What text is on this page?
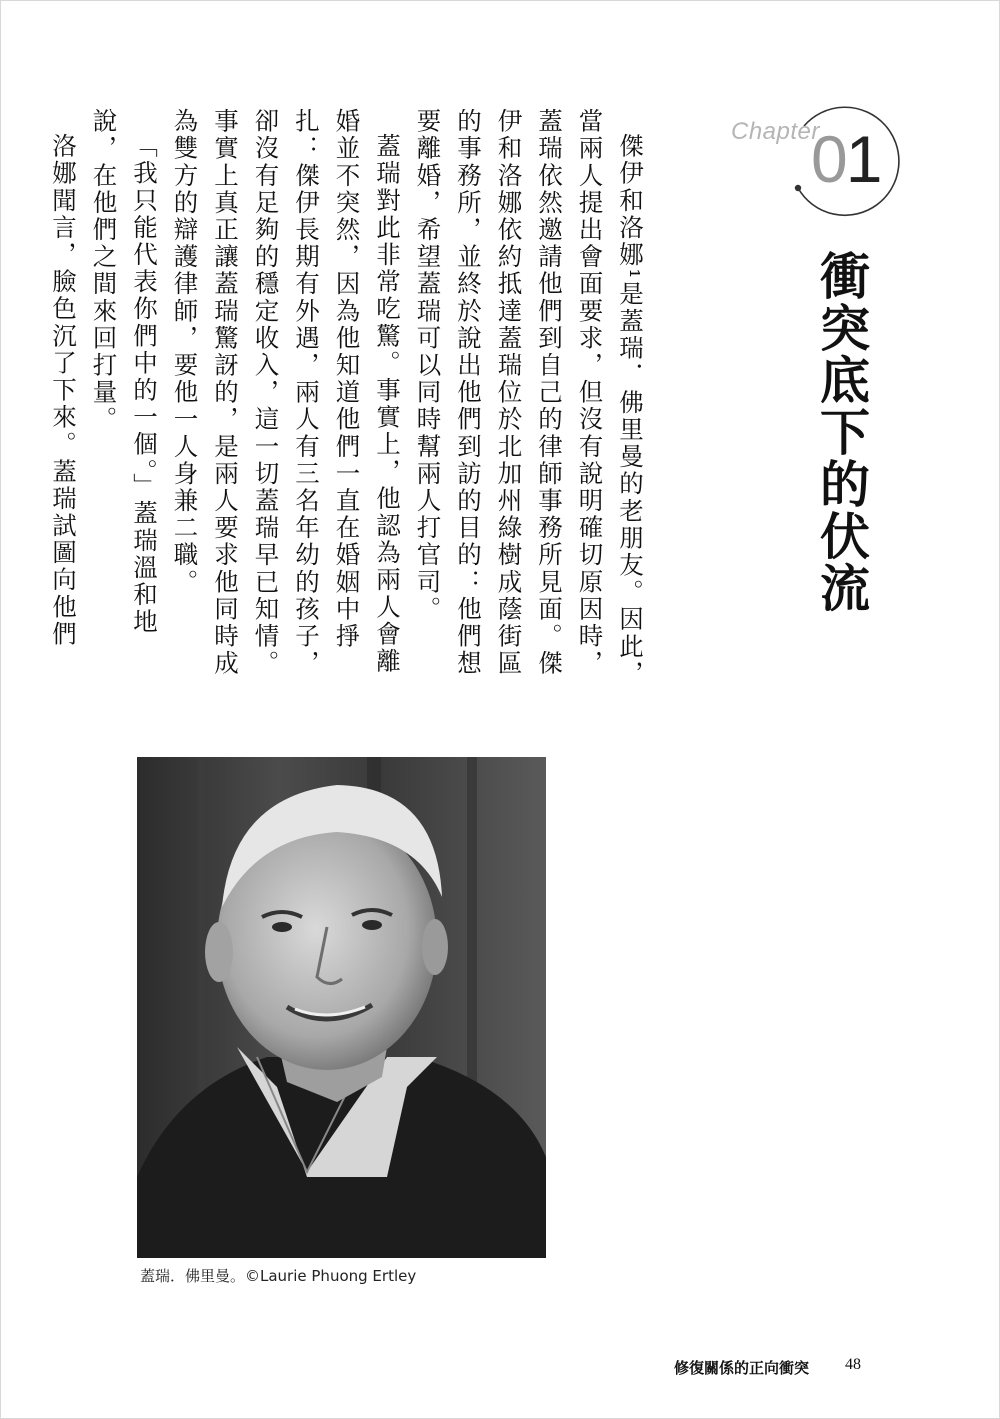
Chapter
01
衝突底下的伏流

傑伊和洛娜¹是蓋瑞．佛里曼的老朋友。因此，當兩人提出會面要求，但沒有說明確切原因時，蓋瑞依然邀請他們到自己的律師事務所見面。傑伊和洛娜依約抵達蓋瑞位於北加州綠樹成蔭街區的事務所，並終於說出他們到訪的目的：他們想要離婚，希望蓋瑞可以同時幫兩人打官司。

蓋瑞對此非常吃驚。事實上，他認為兩人會離婚並不突然，因為他知道他們一直在婚姻中掙扎：傑伊長期有外遇，兩人有三名年幼的孩子，卻沒有足夠的穩定收入，這一切蓋瑞早已知情。事實上真正讓蓋瑞驚訝的，是兩人要求他同時成為雙方的辯護律師，要他一人身兼二職。

「我只能代表你們中的一個。」蓋瑞溫和地說，在他們之間來回打量。

洛娜聞言，臉色沉了下來。蓋瑞試圖向他們

蓋瑞．佛里曼。©Laurie Phuong Ertley
修復關係的正向衝突 48
